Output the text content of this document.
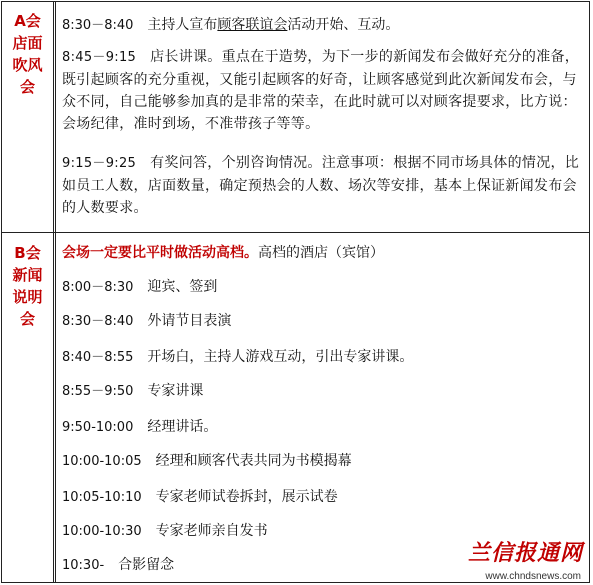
A会
店面
吹风
会
8:30－8:40 主持人宣布顾客联谊会活动开始、互动。
8:45－9:15 店长讲课。重点在于造势，为下一步的新闻发布会做好充分的准备，既引起顾客的充分重视，又能引起顾客的好奇，让顾客感觉到此次新闻发布会，与众不同，自己能够参加真的是非常的荣幸，在此时就可以对顾客提要求，比方说：会场纪律，准时到场，不准带孩子等等。
9:15－9:25 有奖问答，个别咨询情况。注意事项：根据不同市场具体的情况，比如员工人数，店面数量，确定预热会的人数、场次等安排，基本上保证新闻发布会的人数要求。
B会
新闻
说明
会
会场一定要比平时做活动高档。高档的酒店（宾馆）
8:00－8:30 迎宾、签到
8:30－8:40 外请节目表演
8:40－8:55 开场白，主持人游戏互动，引出专家讲课。
8:55－9:50 专家讲课
9:50-10:00 经理讲话。
10:00-10:05 经理和顾客代表共同为书模揭幕
10:05-10:10 专家老师试卷拆封，展示试卷
10:00-10:30 专家老师亲自发书
10:30- 合影留念	兰信报通网
www.chndsnews.com
